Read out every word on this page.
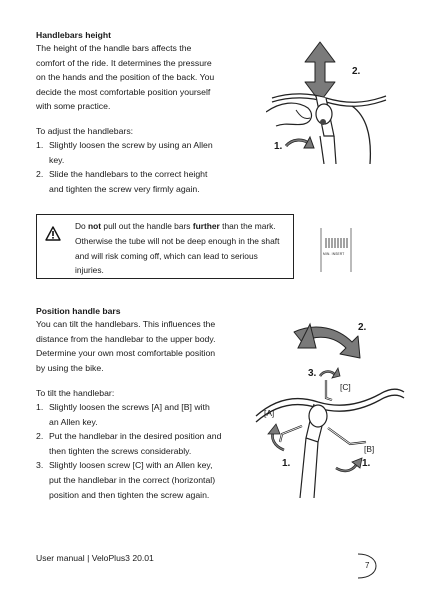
Handlebars height
The height of the handle bars affects the
comfort of the ride. It determines the pressure
on the hands and the position of the back. You
decide the most comfortable position yourself
with some practice.
To adjust the handlebars:
1. Slightly loosen the screw by using an Allen
key.
2. Slide the handlebars to the correct height
and tighten the screw very firmly again.
2.
1.
Do not pull out the handle bars further than the mark.
Otherwise the tube will not be deep enough in the shaft
and will risk coming off, which can lead to serious
injuries.
MIN. INSERT
Position handle bars
You can tilt the handlebars. This influences the
distance from the handlebar to the upper body.
Determine your own most comfortable position
by using the bike.
To tilt the handlebar:
1. Slightly loosen the screws [A] and [B] with
an Allen key.
2. Put the handlebar in the desired position and
then tighten the screws considerably.
3. Slightly loosen screw [C] with an Allen key,
put the handlebar in the correct (horizontal)
position and then tighten the screw again.
2.
3.
[C]
[A]
[B]
1.	1.
User manual | VeloPlus3 20.01
7
